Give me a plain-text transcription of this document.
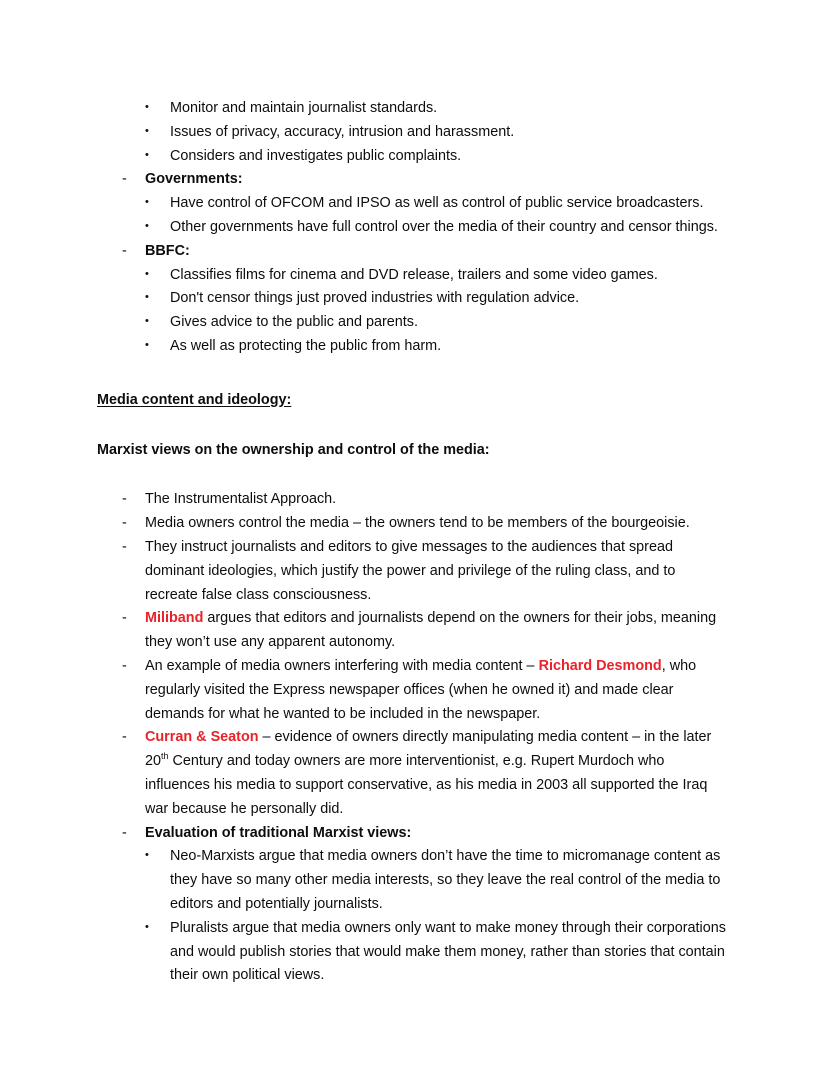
•	Monitor and maintain journalist standards.
•	Issues of privacy, accuracy, intrusion and harassment.
•	Considers and investigates public complaints.
-	Governments:
•	Have control of OFCOM and IPSO as well as control of public service broadcasters.
•	Other governments have full control over the media of their country and censor things.
-	BBFC:
•	Classifies films for cinema and DVD release, trailers and some video games.
•	Don't censor things just proved industries with regulation advice.
•	Gives advice to the public and parents.
•	As well as protecting the public from harm.
Media content and ideology:
Marxist views on the ownership and control of the media:
-	The Instrumentalist Approach.
-	Media owners control the media – the owners tend to be members of the bourgeoisie.
-	They instruct journalists and editors to give messages to the audiences that spread dominant ideologies, which justify the power and privilege of the ruling class, and to recreate false class consciousness.
-	Miliband argues that editors and journalists depend on the owners for their jobs, meaning they won’t use any apparent autonomy.
-	An example of media owners interfering with media content – Richard Desmond, who regularly visited the Express newspaper offices (when he owned it) and made clear demands for what he wanted to be included in the newspaper.
-	Curran & Seaton – evidence of owners directly manipulating media content – in the later 20th Century and today owners are more interventionist, e.g. Rupert Murdoch who influences his media to support conservative, as his media in 2003 all supported the Iraq war because he personally did.
-	Evaluation of traditional Marxist views:
•	Neo-Marxists argue that media owners don’t have the time to micromanage content as they have so many other media interests, so they leave the real control of the media to editors and potentially journalists.
•	Pluralists argue that media owners only want to make money through their corporations and would publish stories that would make them money, rather than stories that contain their own political views.
